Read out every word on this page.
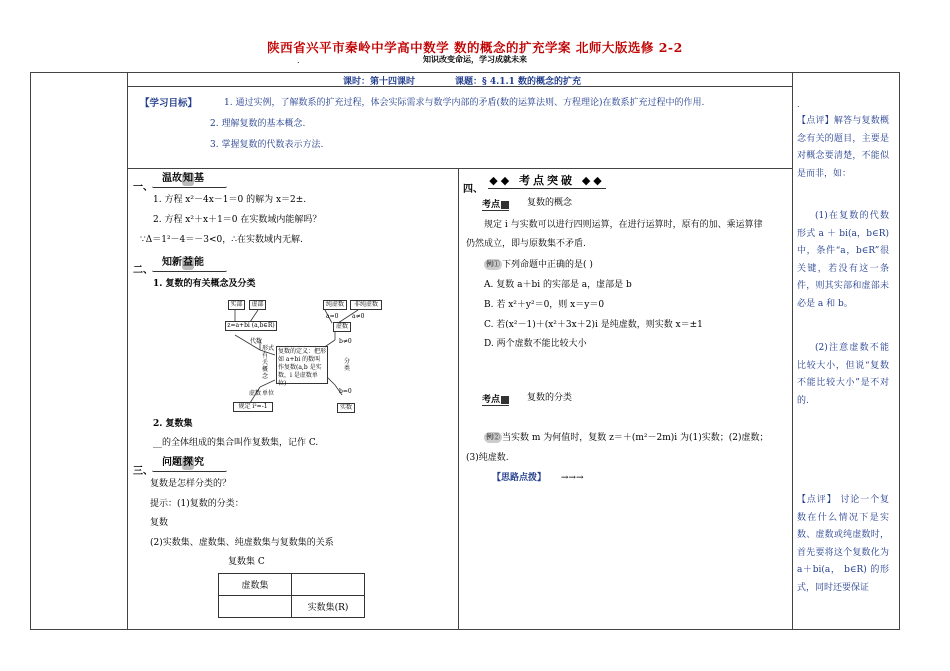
陕西省兴平市秦岭中学高中数学 数的概念的扩充学案 北师大版选修 2-2
知识改变命运，学习成就未来
.
课时：第十四课时	课题：§ 4.1.1 数的概念的扩充
【学习目标】	1. 通过实例，了解数系的扩充过程，体会实际需求与数学内部的矛盾(数的运算法则、方程理论)在数系扩充过程中的作用.
2. 理解复数的基本概念.
3. 掌握复数的代数表示方法.
一、
温故知基
1. 方程 x²－4x－1＝0 的解为 x＝2±.
2. 方程 x²＋x＋1＝0 在实数域内能解吗？
∵Δ＝1²－4＝－3<0，∴在实数域内无解.
二、
知新益能
1. 复数的有关概念及分类
实部	虚部
z=a+bi (a,b∈R)
代数
形式
有关概念
复数的定义：把形如 a+bi 的数叫作复数(a,b 是实数，i 是虚数单位)
纯虚数	非纯虚数
a=0 a≠0
虚数
b≠0
分类
b=0
实数
虚数 单位
规定 i²=-1
2. 复数集
__的全体组成的集合叫作复数集，记作 C.
三、
问题探究
复数是怎样分类的？
提示：(1)复数的分类：
复数
(2)实数集、虚数集、纯虚数集与复数集的关系
复数集 C
虚数集	
	实数集(R)
四、
◆◆ 考点突破 ◆◆
考点	复数的概念
规定 i 与实数可以进行四则运算，在进行运算时，原有的加、乘运算律
仍然成立，即与原数集不矛盾.
例① 下列命题中正确的是( )
A. 复数 a＋bi 的实部是 a，虚部是 b
B. 若 x²＋y²＝0，则 x＝y＝0
C. 若(x²－1)＋(x²＋3x＋2)i 是纯虚数，则实数 x＝±1
D. 两个虚数不能比较大小
考点	复数的分类
例② 当实数 m 为何值时，复数 z＝＋(m²－2m)i 为(1)实数；(2)虚数；
(3)纯虚数.
【思路点拨】 →→→
.
【点评】解答与复数概念有关的题目，主要是对概念要清楚，不能似是而非，如：
(1)在复数的代数形式 a ＋ bi(a，b∈R)中，条件“a，b∈R”很关键，若没有这一条件，则其实部和虚部未必是 a 和 b。
(2)注意虚数不能比较大小，但说“复数不能比较大小”是不对的.
【点评】 讨论一个复数在什么情况下是实数、虚数或纯虚数时，首先要将这个复数化为 a＋bi(a， b∈R) 的形式，同时还要保证
